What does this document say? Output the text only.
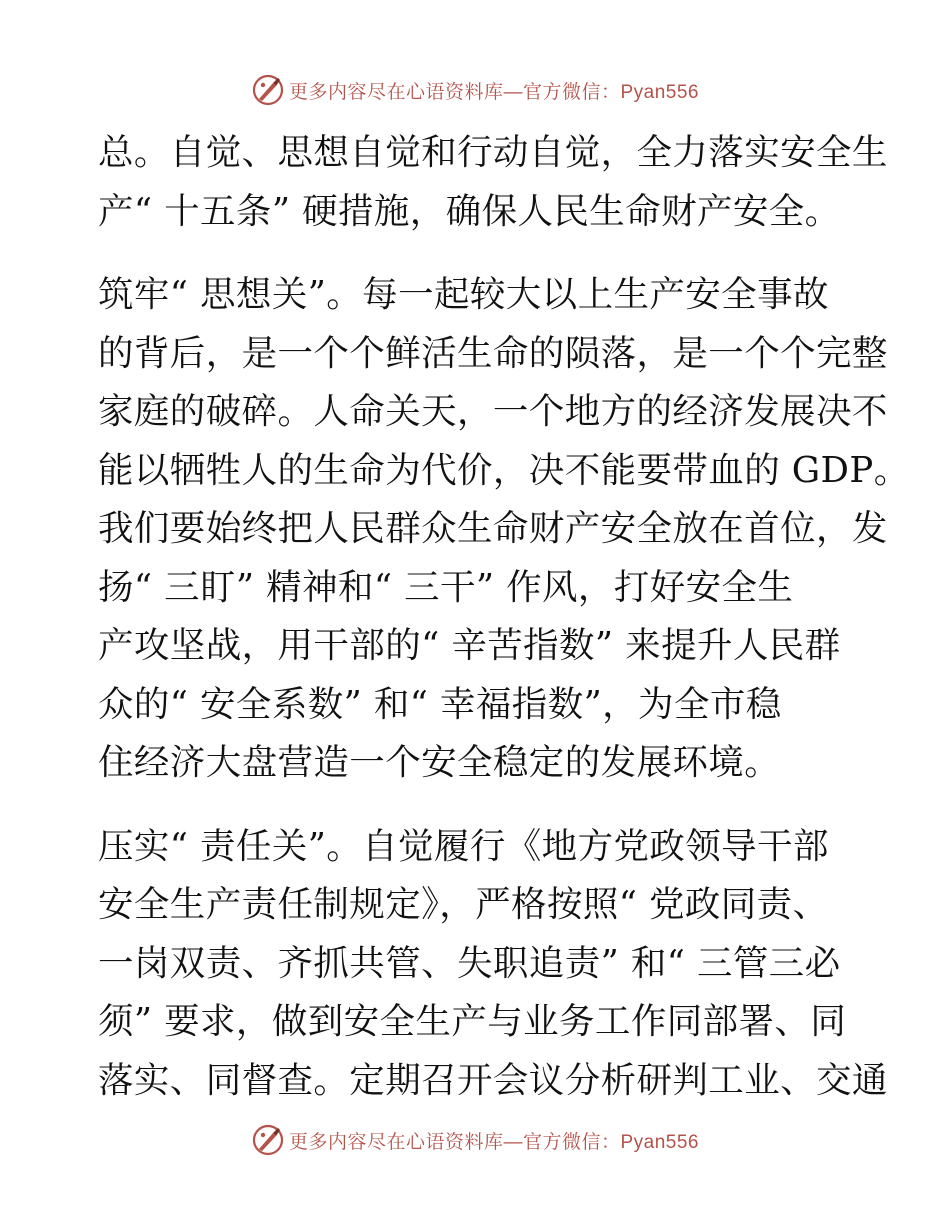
更多内容尽在心语资料库—官方微信：Pyan556
总。自觉、思想自觉和行动自觉，全力落实安全生
产“ 十五条” 硬措施，确保人民生命财产安全。
筑牢“ 思想关”。每一起较大以上生产安全事故
的背后，是一个个鲜活生命的陨落，是一个个完整
家庭的破碎。人命关天，一个地方的经济发展决不
能以牺牲人的生命为代价，决不能要带血的 GDP。
我们要始终把人民群众生命财产安全放在首位，发
扬“ 三盯” 精神和“ 三干” 作风，打好安全生
产攻坚战，用干部的“ 辛苦指数” 来提升人民群
众的“ 安全系数” 和“ 幸福指数”，为全市稳
住经济大盘营造一个安全稳定的发展环境。
压实“ 责任关”。自觉履行《地方党政领导干部
安全生产责任制规定》，严格按照“ 党政同责、
一岗双责、齐抓共管、失职追责” 和“ 三管三必
须” 要求，做到安全生产与业务工作同部署、同
落实、同督查。定期召开会议分析研判工业、交通
更多内容尽在心语资料库—官方微信：Pyan556
